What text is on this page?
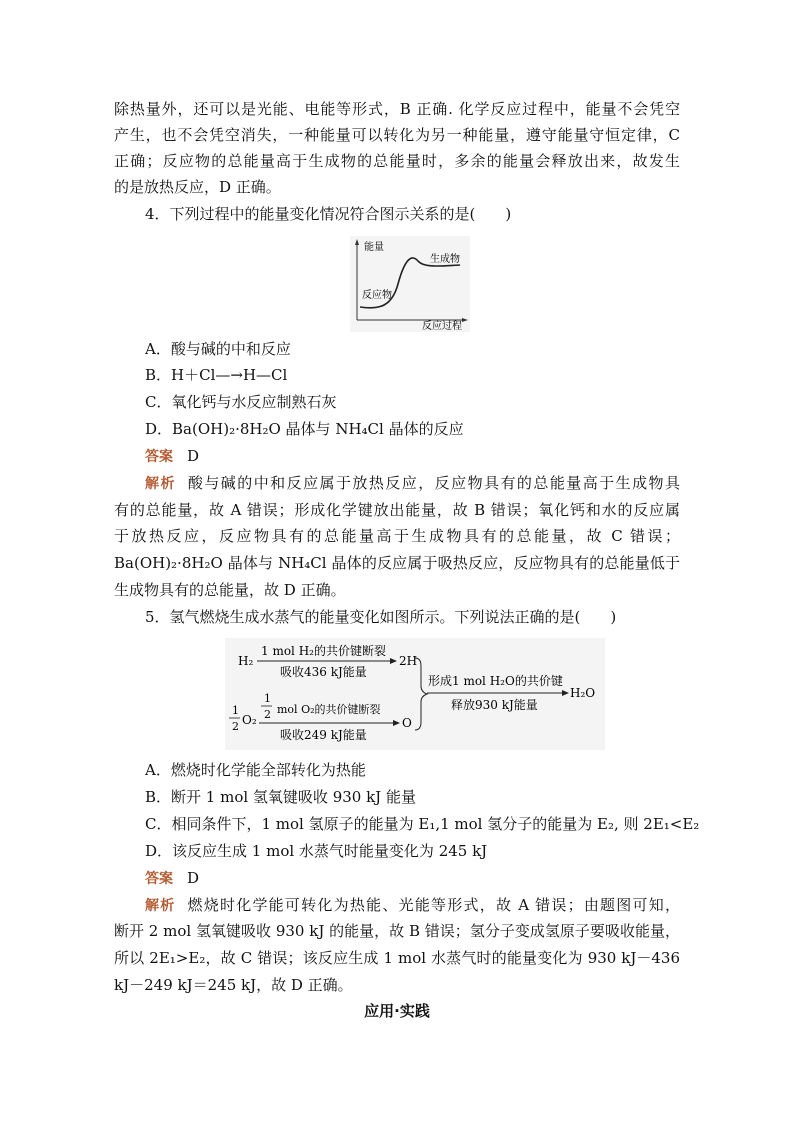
除热量外，还可以是光能、电能等形式，B 正确. 化学反应过程中，能量不会凭空
产生，也不会凭空消失，一种能量可以转化为另一种能量，遵守能量守恒定律，C
正确；反应物的总能量高于生成物的总能量时，多余的能量会释放出来，故发生
的是放热反应，D 正确。
4．下列过程中的能量变化情况符合图示关系的是(　　)
能量
反应物
生成物
反应过程
A．酸与碱的中和反应
B．H＋Cl—→H—Cl
C．氧化钙与水反应制熟石灰
D．Ba(OH)₂·8H₂O 晶体与 NH₄Cl 晶体的反应
答案 D
解析 酸与碱的中和反应属于放热反应，反应物具有的总能量高于生成物具
有的总能量，故 A 错误；形成化学键放出能量，故 B 错误；氧化钙和水的反应属
于放热反应，反应物具有的总能量高于生成物具有的总能量，故 C 错误；
Ba(OH)₂·8H₂O 晶体与 NH₄Cl 晶体的反应属于吸热反应，反应物具有的总能量低于
生成物具有的总能量，故 D 正确。
5．氢气燃烧生成水蒸气的能量变化如图所示。下列说法正确的是(　　)
H₂
1 mol H₂的共价键断裂
吸收436 kJ能量
2H
1
2 O₂
1
2 mol O₂的共价键断裂
吸收249 kJ能量
O
形成1 mol H₂O的共价键
释放930 kJ能量
H₂O
A．燃烧时化学能全部转化为热能
B．断开 1 mol 氢氧键吸收 930 kJ 能量
C．相同条件下，1 mol 氢原子的能量为 E₁,1 mol 氢分子的能量为 E₂, 则 2E₁<E₂
D．该反应生成 1 mol 水蒸气时能量变化为 245 kJ
答案 D
解析 燃烧时化学能可转化为热能、光能等形式，故 A 错误；由题图可知，
断开 2 mol 氢氧键吸收 930 kJ 的能量，故 B 错误；氢分子变成氢原子要吸收能量，
所以 2E₁>E₂，故 C 错误；该反应生成 1 mol 水蒸气时的能量变化为 930 kJ－436
kJ－249 kJ＝245 kJ，故 D 正确。
应用·实践
